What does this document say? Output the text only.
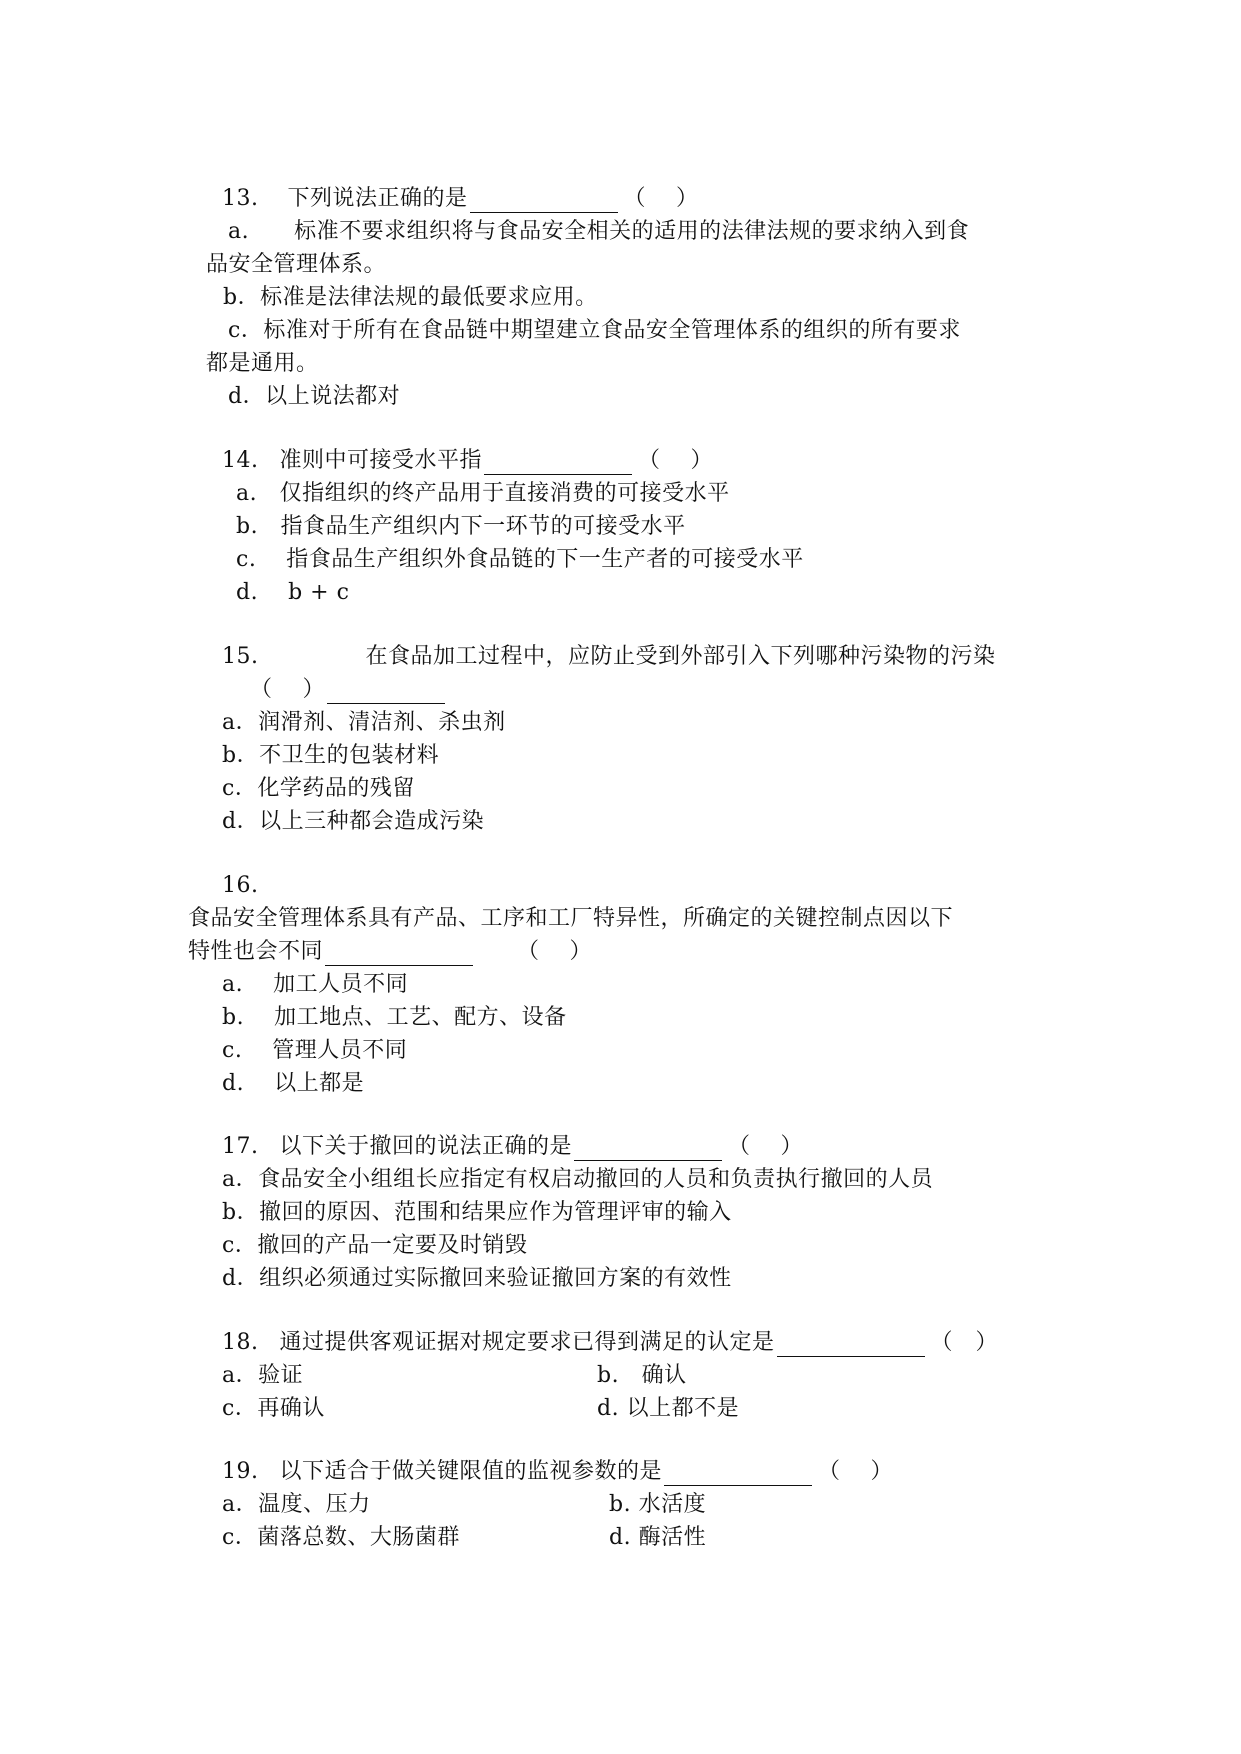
13. 下列说法正确的是	（　 ）
a.　　标准不要求组织将与食品安全相关的适用的法律法规的要求纳入到食
品安全管理体系。
b．标准是法律法规的最低要求应用。
c．标准对于所有在食品链中期望建立食品安全管理体系的组织的所有要求
都是通用。
d．以上说法都对
14. 准则中可接受水平指	（　 ）
a.　仅指组织的终产品用于直接消费的可接受水平
b.　指食品生产组织内下一环节的可接受水平
c.　 指食品生产组织外食品链的下一生产者的可接受水平
d.　 b + c
15.	在食品加工过程中，应防止受到外部引入下列哪种污染物的污染
（　 ）
a．润滑剂、清洁剂、杀虫剂
b．不卫生的包装材料
c．化学药品的残留
d．以上三种都会造成污染
16.
食品安全管理体系具有产品、工序和工厂特异性，所确定的关键控制点因以下
特性也会不同	（　 ）
a.　 加工人员不同
b.　 加工地点、工艺、配方、设备
c.　 管理人员不同
d.　 以上都是
17. 以下关于撤回的说法正确的是	（　 ）
a．食品安全小组组长应指定有权启动撤回的人员和负责执行撤回的人员
b．撤回的原因、范围和结果应作为管理评审的输入
c．撤回的产品一定要及时销毁
d．组织必须通过实际撤回来验证撤回方案的有效性
18. 通过提供客观证据对规定要求已得到满足的认定是	（　）
a．验证	b.　确认
c．再确认	d. 以上都不是
19. 以下适合于做关键限值的监视参数的是	（　 ）
a．温度、压力	b. 水活度
c．菌落总数、大肠菌群	d. 酶活性
